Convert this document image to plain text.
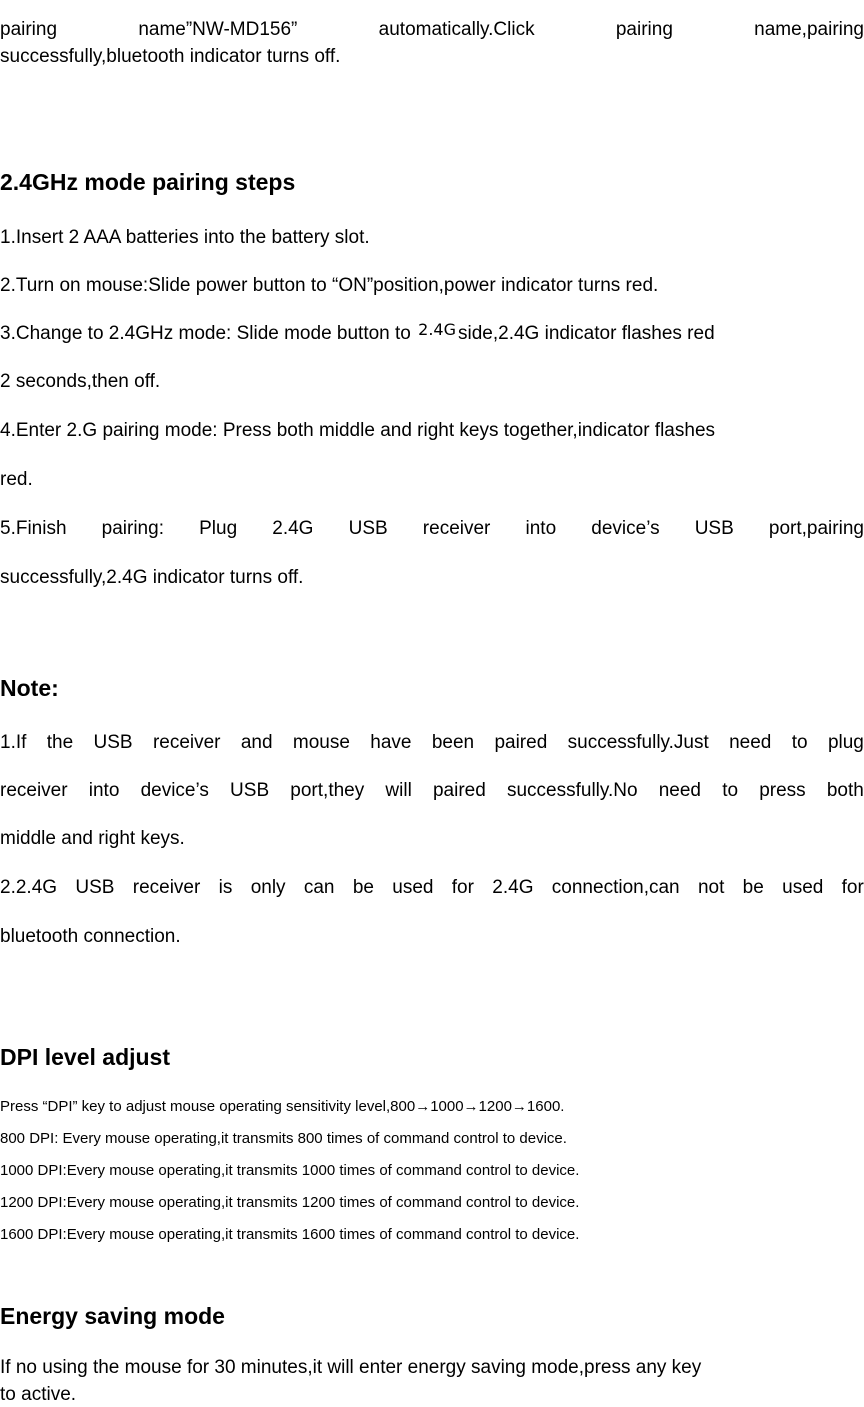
pairing	name”NW-MD156”	automatically.Click	pairing	name,pairing

successfully,bluetooth indicator turns off.

2.4GHz mode pairing steps

1.Insert 2 AAA batteries into the battery slot.

2.Turn on mouse:Slide power button to “ON”position,power indicator turns red.

3.Change to 2.4GHz mode: Slide mode button to $^{2.4G}$ side,2.4G indicator flashes red

2 seconds,then off.

4.Enter 2.G pairing mode: Press both middle and right keys together,indicator flashes

red.

5.Finish pairing: Plug 2.4G USB receiver into device’s USB port,pairing

successfully,2.4G indicator turns off.

Note:

1.If the USB receiver and mouse have been paired successfully.Just need to plug

receiver into device’s USB port,they will paired successfully.No need to press both

middle and right keys.

2.2.4G USB receiver is only can be used for 2.4G connection,can not be used for

bluetooth connection.

DPI level adjust

Press “DPI” key to adjust mouse operating sensitivity level,800→1000→1200→1600.

800 DPI: Every mouse operating,it transmits 800 times of command control to device.

1000 DPI:Every mouse operating,it transmits 1000 times of command control to device.

1200 DPI:Every mouse operating,it transmits 1200 times of command control to device.

1600 DPI:Every mouse operating,it transmits 1600 times of command control to device.

Energy saving mode

If no using the mouse for 30 minutes,it will enter energy saving mode,press any key

to active.
